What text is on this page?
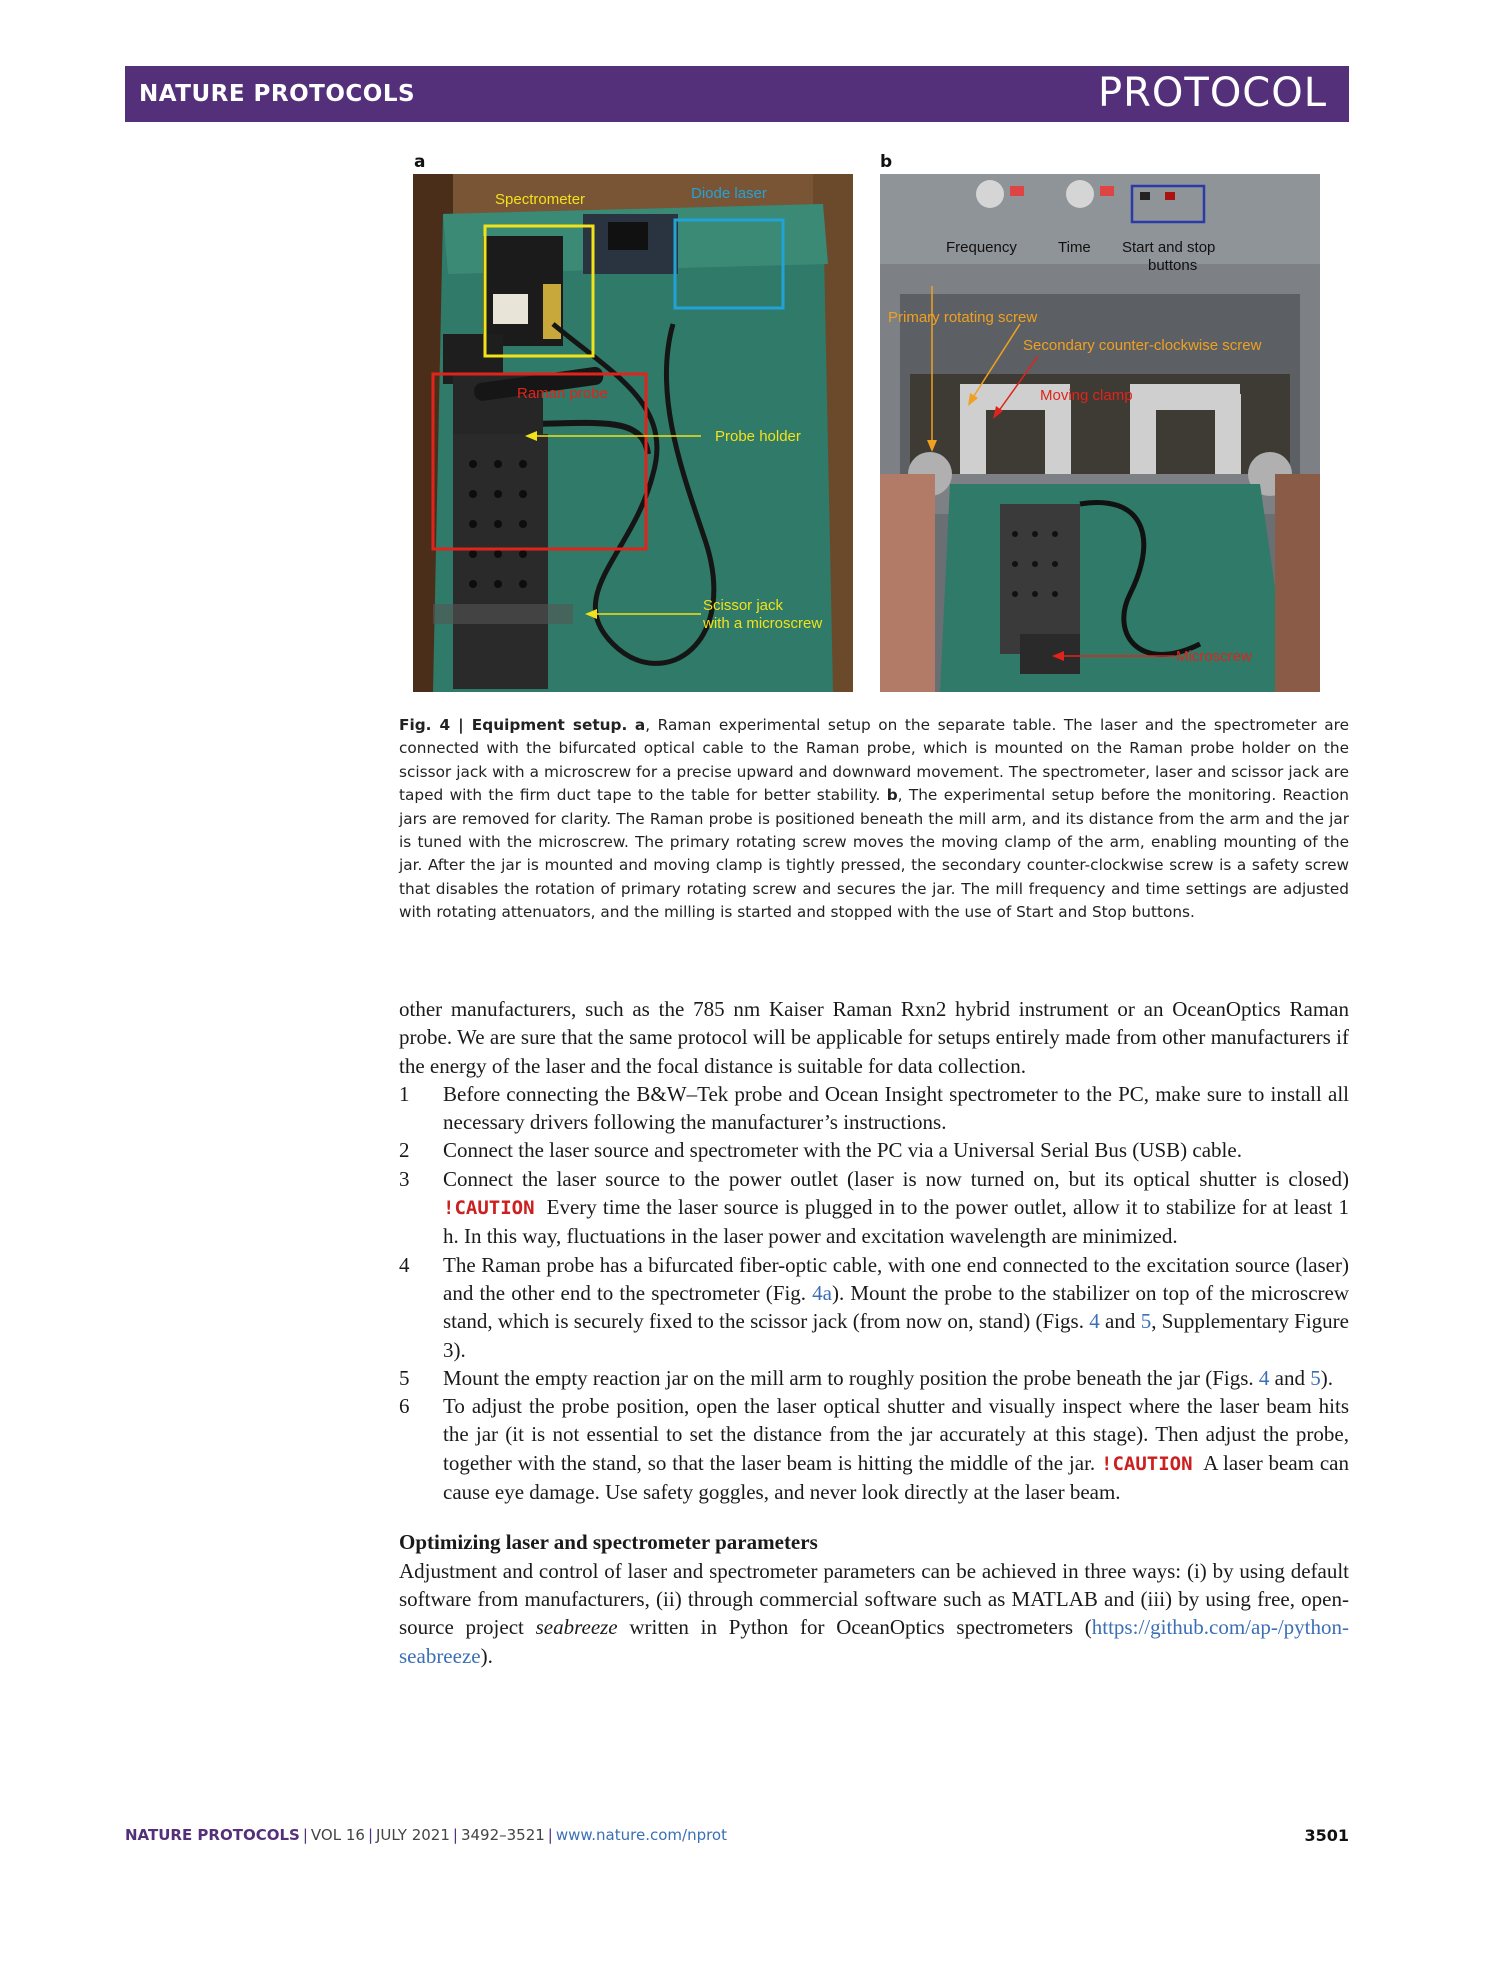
NATURE PROTOCOLS	PROTOCOL
a	b
Spectrometer	Diode laser
Raman probe
Probe holder
Scissor jack
with a microscrew
Frequency	Time Start and stop
buttons
Primary rotating screw
Secondary counter-clockwise screw
Moving clamp
Microscrew
Fig. 4 | Equipment setup. a, Raman experimental setup on the separate table. The laser and the spectrometer are connected with the bifurcated optical cable to the Raman probe, which is mounted on the Raman probe holder on the scissor jack with a microscrew for a precise upward and downward movement. The spectrometer, laser and scissor jack are taped with the firm duct tape to the table for better stability. b, The experimental setup before the monitoring. Reaction jars are removed for clarity. The Raman probe is positioned beneath the mill arm, and its distance from the arm and the jar is tuned with the microscrew. The primary rotating screw moves the moving clamp of the arm, enabling mounting of the jar. After the jar is mounted and moving clamp is tightly pressed, the secondary counter-clockwise screw is a safety screw that disables the rotation of primary rotating screw and secures the jar. The mill frequency and time settings are adjusted with rotating attenuators, and the milling is started and stopped with the use of Start and Stop buttons.

other manufacturers, such as the 785 nm Kaiser Raman Rxn2 hybrid instrument or an OceanOptics Raman probe. We are sure that the same protocol will be applicable for setups entirely made from other manufacturers if the energy of the laser and the focal distance is suitable for data collection.

1	Before connecting the B&W–Tek probe and Ocean Insight spectrometer to the PC, make sure to install all necessary drivers following the manufacturer’s instructions.
2	Connect the laser source and spectrometer with the PC via a Universal Serial Bus (USB) cable.
3	Connect the laser source to the power outlet (laser is now turned on, but its optical shutter is closed) !CAUTION Every time the laser source is plugged in to the power outlet, allow it to stabilize for at least 1 h. In this way, fluctuations in the laser power and excitation wavelength are minimized.
4	The Raman probe has a bifurcated fiber-optic cable, with one end connected to the excitation source (laser) and the other end to the spectrometer (Fig. 4a). Mount the probe to the stabilizer on top of the microscrew stand, which is securely fixed to the scissor jack (from now on, stand) (Figs. 4 and 5, Supplementary Figure 3).
5	Mount the empty reaction jar on the mill arm to roughly position the probe beneath the jar (Figs. 4 and 5).
6	To adjust the probe position, open the laser optical shutter and visually inspect where the laser beam hits the jar (it is not essential to set the distance from the jar accurately at this stage). Then adjust the probe, together with the stand, so that the laser beam is hitting the middle of the jar. !CAUTION A laser beam can cause eye damage. Use safety goggles, and never look directly at the laser beam.
Optimizing laser and spectrometer parameters

Adjustment and control of laser and spectrometer parameters can be achieved in three ways: (i) by using default software from manufacturers, (ii) through commercial software such as MATLAB and (iii) by using free, open-source project seabreeze written in Python for OceanOptics spectrometers (https://github.com/ap-/python-seabreeze).

NATURE PROTOCOLS | VOL 16 | JULY 2021 | 3492–3521 | www.nature.com/nprot	3501
